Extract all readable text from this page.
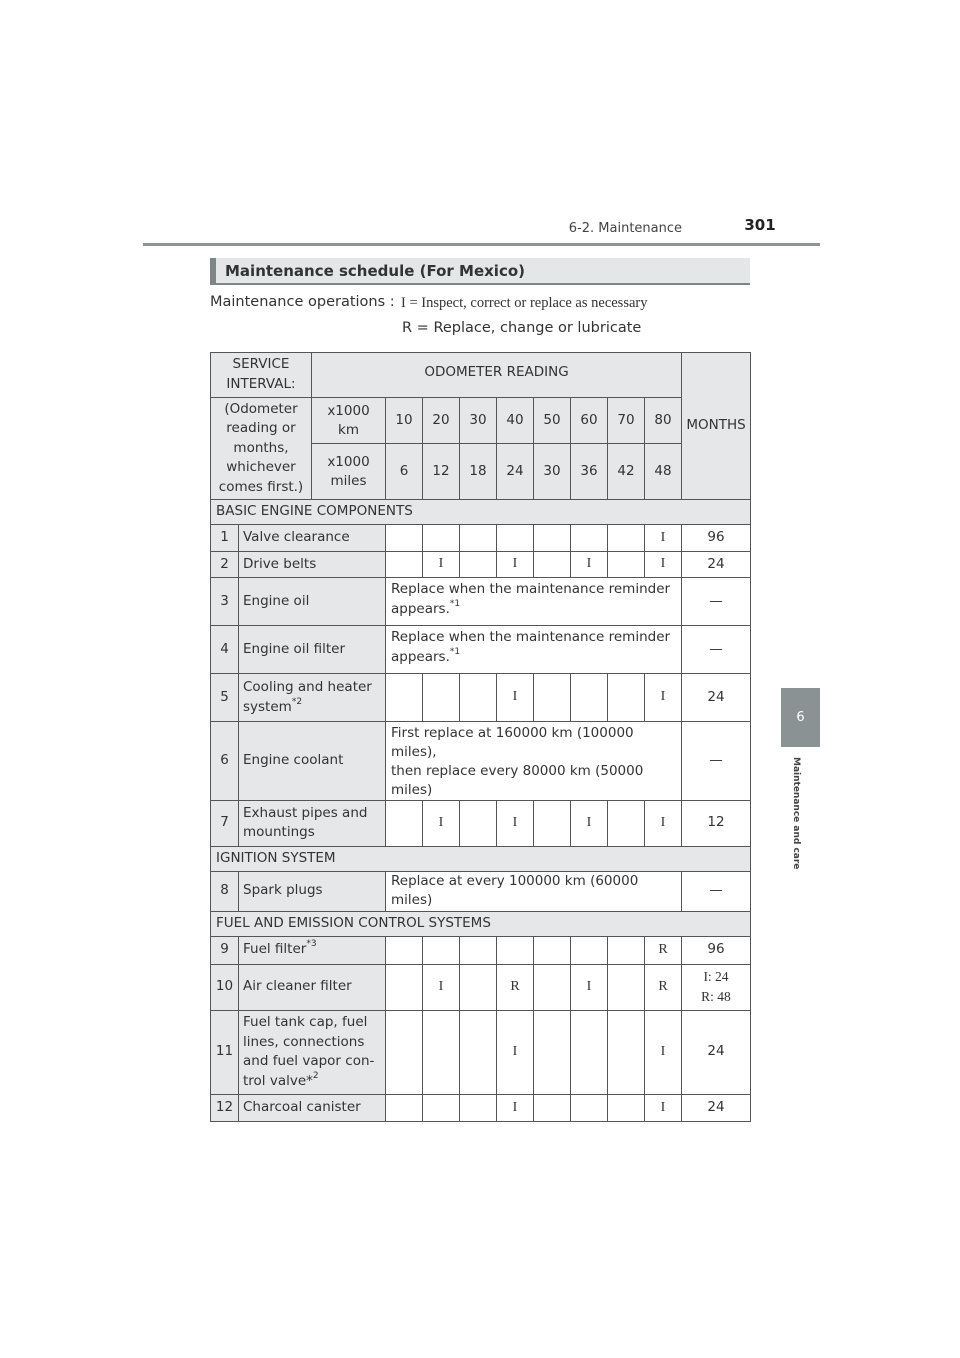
301
6-2. Maintenance
6
Maintenance and care
Maintenance schedule (For Mexico)
Maintenance operations : I = Inspect, correct or replace as necessary
R = Replace, change or lubricate
SERVICE INTERVAL:		ODOMETER READING									MONTHS
(Odometer reading or months, whichever comes first.)		x1000 km	10	20	30	40	50	60	70	80	
		x1000 miles	6	12	18	24	30	36	42	48	
BASIC ENGINE COMPONENTS											
1	Valve clearance									I	96
2	Drive belts			I		I		I		I	24
3	Engine oil		Replace when the maintenance reminder appears.$^{*1}$								—
4	Engine oil filter		Replace when the maintenance reminder appears.$^{*1}$								—
5	Cooling and heater system$^{*2}$					I				I	24
6	Engine coolant		First replace at 160000 km (100000 miles),
then replace every 80000 km (50000 miles)								—
7	Exhaust pipes and mountings			I		I		I		I	12
IGNITION SYSTEM											
8	Spark plugs		Replace at every 100000 km (60000 miles)								—
FUEL AND EMISSION CONTROL SYSTEMS											
9	Fuel filter$^{*3}$									R	96
10	Air cleaner filter			I		R		I		R	I: 24
R: 48

11	Fuel tank cap, fuel lines, connections and fuel vapor con-trol valve*$^2$					I				I	24
12	Charcoal canister					I				I	24
